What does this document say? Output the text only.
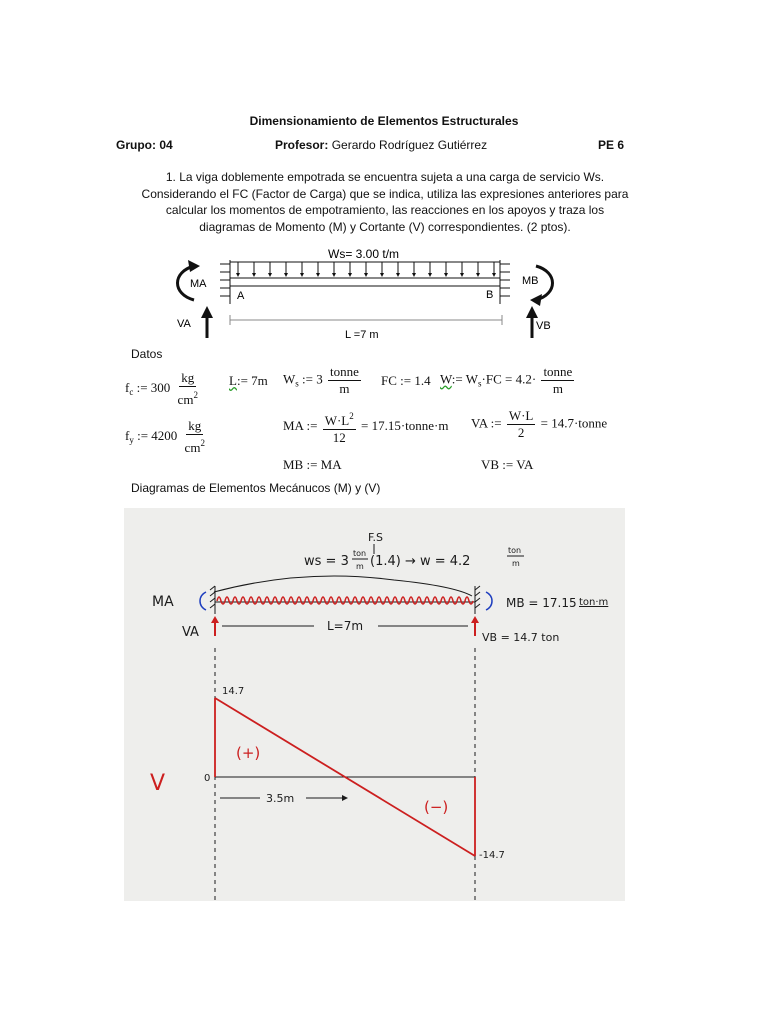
Dimensionamiento de Elementos Estructurales
Grupo: 04	Profesor: Gerardo Rodríguez Gutiérrez	PE 6
1. La viga doblemente empotrada se encuentra sujeta a una carga de servicio Ws.
Considerando el FC (Factor de Carga) que se indica, utiliza las expresiones anteriores para
calcular los momentos de empotramiento, las reacciones en los apoyos y traza los
diagramas de Momento (M) y Cortante (V) correspondientes. (2 ptos).
Ws= 3.00 t/m
A	B
MA	MB
VA	VB
L =7 m
Datos
$f_c$ := $300 \frac{kg}{cm^2}$
$f_y$ := $4200 \frac{kg}{cm^2}$
L:= 7m $W_s$ := $3 \frac{\text{tonne}}{m}$ FC := 1.4 W:= $W_s\cdot FC = 4.2\cdot \frac{\text{tonne}}{m}$
MA := $\frac{W\cdot L^2}{12}$ = 17.15·tonne·m VA := $\frac{W\cdot L}{2}$ = 14.7·tonne
MB := MA	VB := VA
Diagramas de Elementos Mecánucos (M) y (V)
F.S
ws = 3
ton
m (1.4) → w = 4.2
ton
m
MA	MB = 17.15 ton·m
VA	VB = 14.7 ton
L=7m
14.7
0
-14.7
V
(+)
(−)
3.5m
